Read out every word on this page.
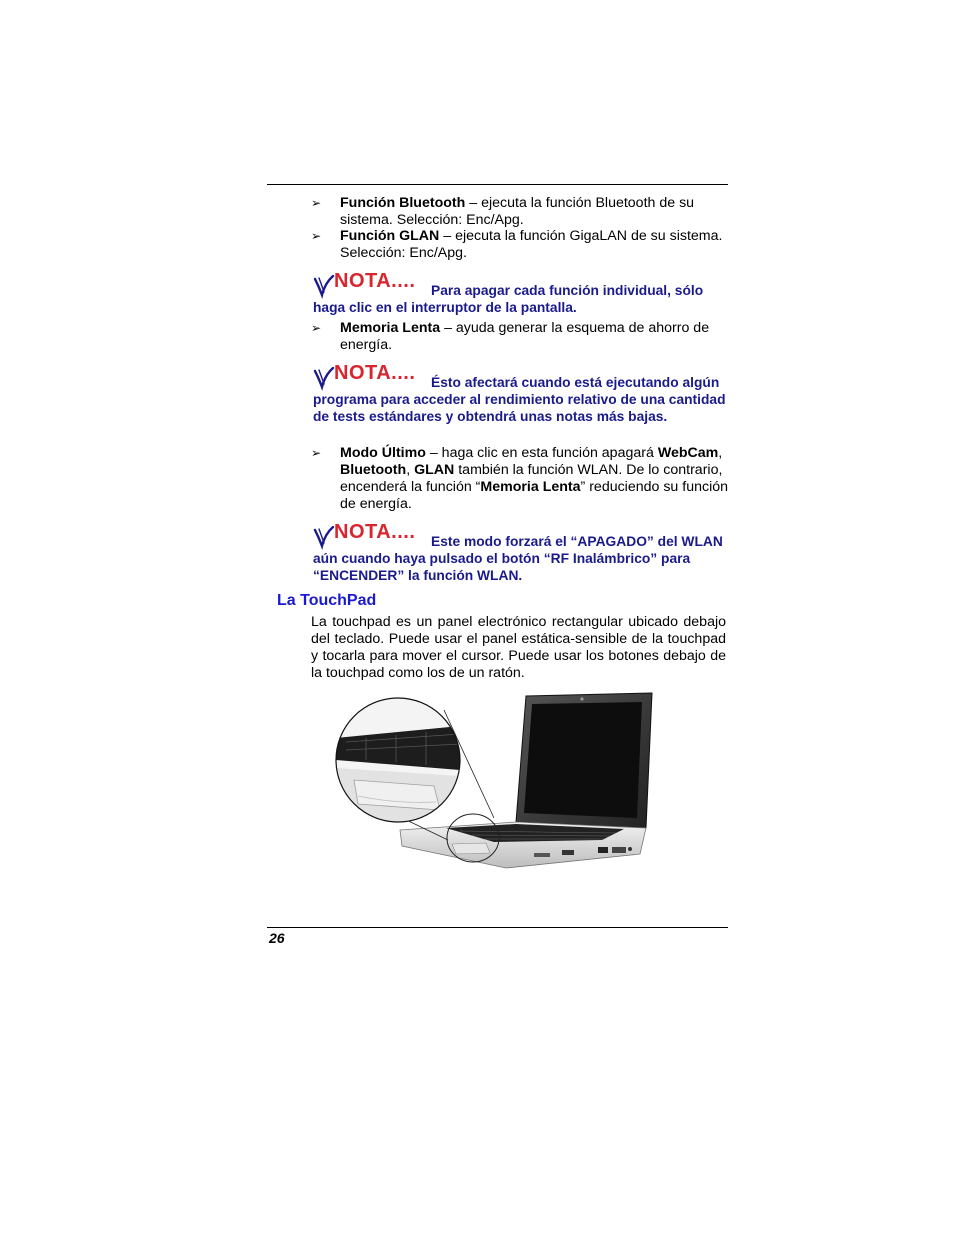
➢ Función Bluetooth – ejecuta la función Bluetooth de su sistema. Selección: Enc/Apg.
➢ Función GLAN – ejecuta la función GigaLAN de su sistema. Selección: Enc/Apg.
NOTA.... Para apagar cada función individual, sólo haga clic en el interruptor de la pantalla.
➢ Memoria Lenta – ayuda generar la esquema de ahorro de energía.
NOTA.... Ésto afectará cuando está ejecutando algún programa para acceder al rendimiento relativo de una cantidad de tests estándares y obtendrá unas notas más bajas.
➢ Modo Último – haga clic en esta función apagará WebCam, Bluetooth, GLAN también la función WLAN. De lo contrario, encenderá la función “Memoria Lenta” reduciendo su función de energía.
NOTA.... Este modo forzará el “APAGADO” del WLAN aún cuando haya pulsado el botón “RF Inalámbrico” para “ENCENDER” la función WLAN.
La TouchPad
La touchpad es un panel electrónico rectangular ubicado debajo del teclado. Puede usar el panel estática-sensible de la touchpad y tocarla para mover el cursor. Puede usar los botones debajo de la touchpad como los de un ratón.
26
